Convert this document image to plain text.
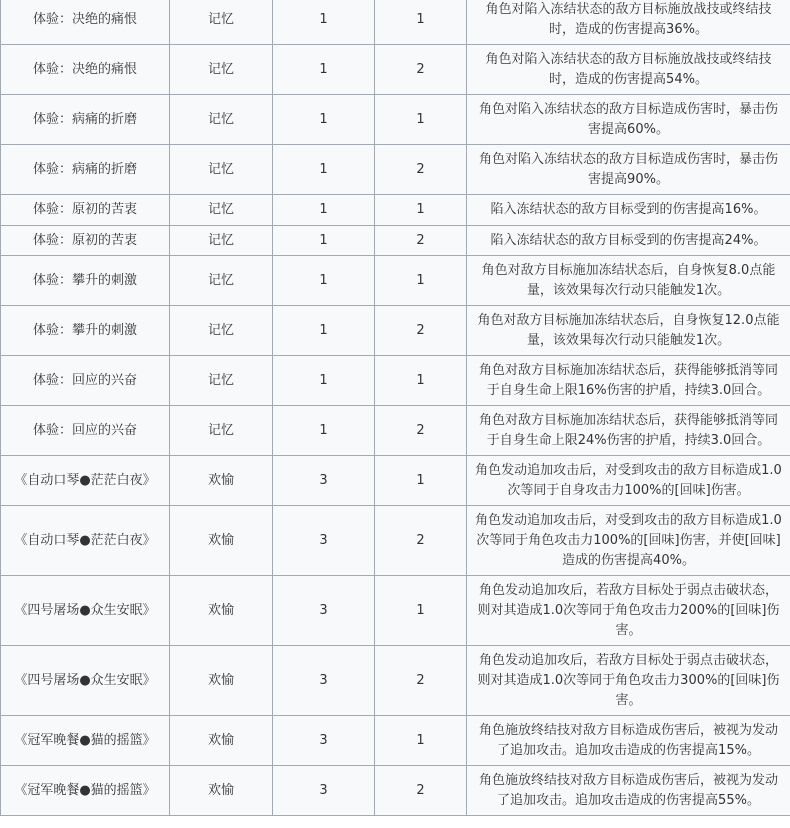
体验：决绝的痛恨	记忆	1	1	角色对陷入冻结状态的敌方目标施放战技或终结技时，造成的伤害提高36%。
体验：决绝的痛恨	记忆	1	2	角色对陷入冻结状态的敌方目标施放战技或终结技时，造成的伤害提高54%。
体验：病痛的折磨	记忆	1	1	角色对陷入冻结状态的敌方目标造成伤害时，暴击伤害提高60%。
体验：病痛的折磨	记忆	1	2	角色对陷入冻结状态的敌方目标造成伤害时，暴击伤害提高90%。
体验：原初的苦衷	记忆	1	1	陷入冻结状态的敌方目标受到的伤害提高16%。
体验：原初的苦衷	记忆	1	2	陷入冻结状态的敌方目标受到的伤害提高24%。
体验：攀升的刺激	记忆	1	1	角色对敌方目标施加冻结状态后，自身恢复8.0点能量，该效果每次行动只能触发1次。
体验：攀升的刺激	记忆	1	2	角色对敌方目标施加冻结状态后，自身恢复12.0点能量，该效果每次行动只能触发1次。
体验：回应的兴奋	记忆	1	1	角色对敌方目标施加冻结状态后，获得能够抵消等同于自身生命上限16%伤害的护盾，持续3.0回合。
体验：回应的兴奋	记忆	1	2	角色对敌方目标施加冻结状态后，获得能够抵消等同于自身生命上限24%伤害的护盾，持续3.0回合。
《自动口琴●茫茫白夜》	欢愉	3	1	角色发动追加攻击后，对受到攻击的敌方目标造成1.0次等同于自身攻击力100%的[回味]伤害。
《自动口琴●茫茫白夜》	欢愉	3	2	角色发动追加攻击后，对受到攻击的敌方目标造成1.0次等同于角色攻击力100%的[回味]伤害，并使[回味]造成的伤害提高40%。
《四号屠场●众生安眠》	欢愉	3	1	角色发动追加攻后，若敌方目标处于弱点击破状态，则对其造成1.0次等同于角色攻击力200%的[回味]伤害。
《四号屠场●众生安眠》	欢愉	3	2	角色发动追加攻后，若敌方目标处于弱点击破状态，则对其造成1.0次等同于角色攻击力300%的[回味]伤害。
《冠军晚餐●猫的摇篮》	欢愉	3	1	角色施放终结技对敌方目标造成伤害后，被视为发动了追加攻击。追加攻击造成的伤害提高15%。
《冠军晚餐●猫的摇篮》	欢愉	3	2	角色施放终结技对敌方目标造成伤害后，被视为发动了追加攻击。追加攻击造成的伤害提高55%。
